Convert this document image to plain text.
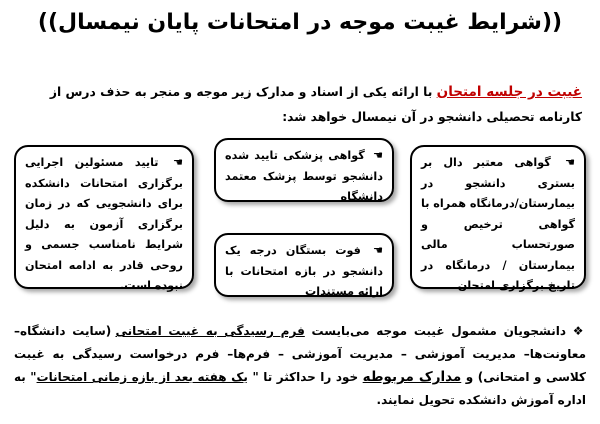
((شرایط غیبت موجه در امتحانات پایان نیمسال))
غیبت در جلسه امتحان با ارائه یکی از اسناد و مدارک زیر موجه و منجر به حذف درس از کارنامه تحصیلی دانشجو در آن نیمسال خواهد شد:
☚ گواهی معتبر دال بر بستری دانشجو در بیمارستان/درمانگاه همراه با گواهی ترخیص و صورتحساب مالی بیمارستان / درمانگاه در تاریخ برگزاری امتحان
☚ گواهی پزشکی تایید شده دانشجو توسط پزشک معتمد دانشگاه
☚ فوت بستگان درجه یک دانشجو در بازه امتحانات با ارائه مستندات
☚ تایید مسئولین اجرایی برگزاری امتحانات دانشکده برای دانشجویی که در زمان برگزاری آزمون به دلیل شرایط نامناسب جسمی و روحی قادر به ادامه امتحان نبوده است.
❖ دانشجویان مشمول غیبت موجه می‌بایست فرم رسیدگی به غیبت امتحانی (سایت دانشگاه– معاونت‌ها– مدیریت آموزشی – مدیریت آموزشی – فرم‌ها– فرم درخواست رسیدگی به غیبت کلاسی و امتحانی) و مدارک مربوطه خود را حداکثر تا " یک هفته بعد از بازه زمانی امتحانات" به اداره آموزش دانشکده تحویل نمایند.
